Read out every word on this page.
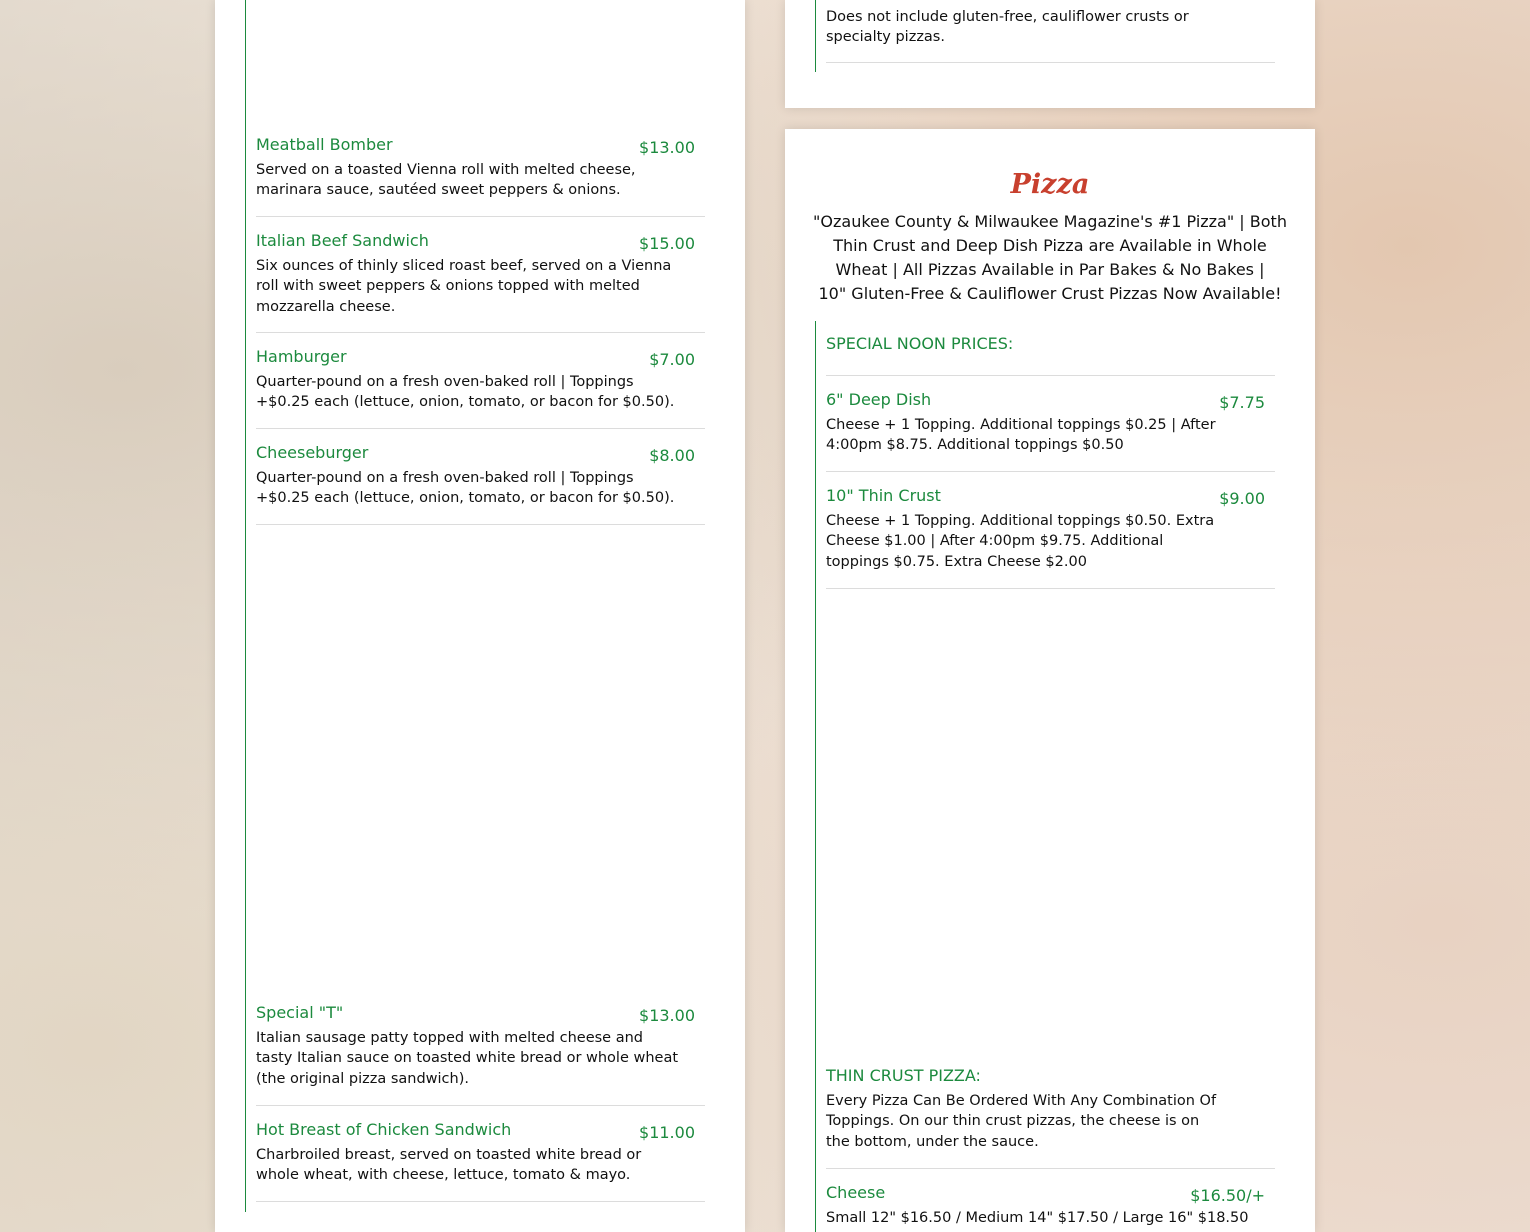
Meatball Bomber	$13.00
Served on a toasted Vienna roll with melted cheese, marinara sauce, sautéed sweet peppers & onions.
Italian Beef Sandwich	$15.00
Six ounces of thinly sliced roast beef, served on a Vienna roll with sweet peppers & onions topped with melted mozzarella cheese.
Hamburger	$7.00
Quarter-pound on a fresh oven-baked roll | Toppings +$0.25 each (lettuce, onion, tomato, or bacon for $0.50).
Cheeseburger	$8.00
Quarter-pound on a fresh oven-baked roll | Toppings +$0.25 each (lettuce, onion, tomato, or bacon for $0.50).
Special "T"	$13.00
Italian sausage patty topped with melted cheese and tasty Italian sauce on toasted white bread or whole wheat (the original pizza sandwich).
Hot Breast of Chicken Sandwich	$11.00
Charbroiled breast, served on toasted white bread or whole wheat, with cheese, lettuce, tomato & mayo.
Does not include gluten-free, cauliflower crusts or specialty pizzas.
Pizza
"Ozaukee County & Milwaukee Magazine's #1 Pizza" | Both Thin Crust and Deep Dish Pizza are Available in Whole Wheat | All Pizzas Available in Par Bakes & No Bakes |
10" Gluten-Free & Cauliflower Crust Pizzas Now Available!
SPECIAL NOON PRICES:
6" Deep Dish	$7.75
Cheese + 1 Topping. Additional toppings $0.25 | After 4:00pm $8.75. Additional toppings $0.50
10" Thin Crust	$9.00
Cheese + 1 Topping. Additional toppings $0.50. Extra Cheese $1.00 | After 4:00pm $9.75. Additional toppings $0.75. Extra Cheese $2.00
THIN CRUST PIZZA:
Every Pizza Can Be Ordered With Any Combination Of Toppings. On our thin crust pizzas, the cheese is on the bottom, under the sauce.
Cheese	$16.50/+
Small 12" $16.50 / Medium 14" $17.50 / Large 16" $18.50
